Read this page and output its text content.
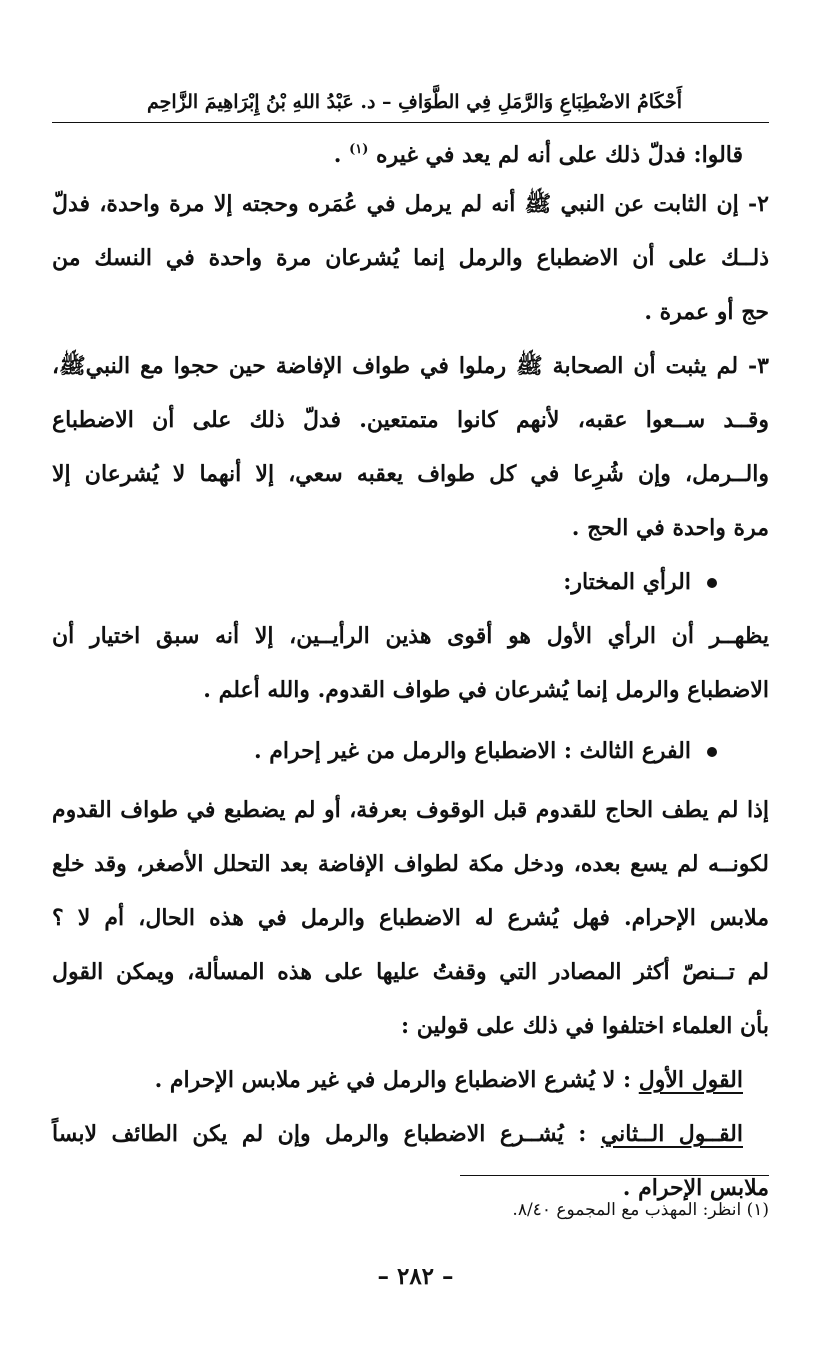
أَحْكَامُ الاضْطِبَاعِ وَالرَّمَلِ فِي الطَّوَافِ – د. عَبْدُ اللهِ بْنُ إِبْرَاهِيمَ الزَّاحِم
قالوا: فدلّ ذلك على أنه لم يعد في غيره $^{(١)}$ .
٢- إن الثابت عن النبي ﷺ أنه لم يرمل في عُمَره وحجته إلا مرة واحدة، فدلّ
ذلــك على أن الاضطباع والرمل إنما يُشرعان مرة واحدة في النسك من
حج أو عمرة .
٣- لم يثبت أن الصحابة ﷺ رملوا في طواف الإفاضة حين حجوا مع النبيﷺ،
وقــد ســعوا عقبه، لأنهم كانوا متمتعين. فدلّ ذلك على أن الاضطباع
والــرمل، وإن شُرِعا في كل طواف يعقبه سعي، إلا أنهما لا يُشرعان إلا
مرة واحدة في الحج .
الرأي المختار:
يظهــر أن الرأي الأول هو أقوى هذين الرأيــين، إلا أنه سبق اختيار أن
الاضطباع والرمل إنما يُشرعان في طواف القدوم. والله أعلم .
الفرع الثالث : الاضطباع والرمل من غير إحرام .
إذا لم يطف الحاج للقدوم قبل الوقوف بعرفة، أو لم يضطبع في طواف القدوم
لكونــه لم يسع بعده، ودخل مكة لطواف الإفاضة بعد التحلل الأصغر، وقد خلع
ملابس الإحرام. فهل يُشرع له الاضطباع والرمل في هذه الحال، أم لا ؟
لم تــنصّ أكثر المصادر التي وقفتُ عليها على هذه المسألة، ويمكن القول
بأن العلماء اختلفوا في ذلك على قولين :
القول الأول : لا يُشرع الاضطباع والرمل في غير ملابس الإحرام .
القــول الــثاني : يُشــرع الاضطباع والرمل وإن لم يكن الطائف لابساً
ملابس الإحرام .
(١) انظر: المهذب مع المجموع ٨/٤٠.
– ٢٨٢ –
